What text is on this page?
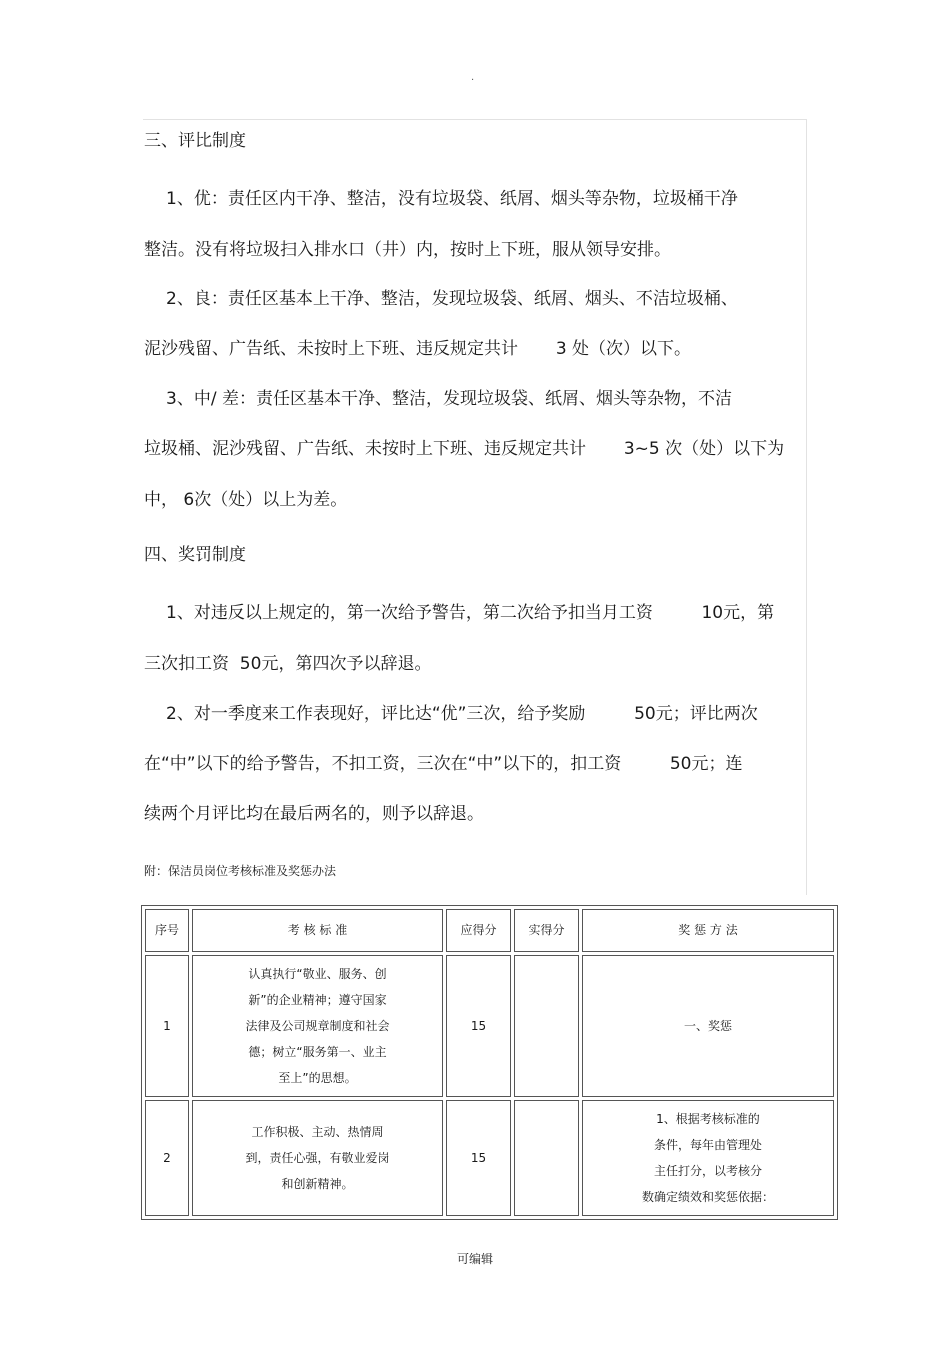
.
三、评比制度
1、优：责任区内干净、整洁，没有垃圾袋、纸屑、烟头等杂物，垃圾桶干净
整洁。没有将垃圾扫入排水口（井）内，按时上下班，服从领导安排。
2、良：责任区基本上干净、整洁，发现垃圾袋、纸屑、烟头、不洁垃圾桶、
泥沙残留、广告纸、未按时上下班、违反规定共计       3 处（次）以下。
3、中/ 差：责任区基本干净、整洁，发现垃圾袋、纸屑、烟头等杂物，不洁
垃圾桶、泥沙残留、广告纸、未按时上下班、违反规定共计       3~5 次（处）以下为
中， 6次（处）以上为差。
四、奖罚制度
1、对违反以上规定的，第一次给予警告，第二次给予扣当月工资         10元，第
三次扣工资  50元，第四次予以辞退。
2、对一季度来工作表现好，评比达“优”三次，给予奖励         50元；评比两次
在“中”以下的给予警告，不扣工资，三次在“中”以下的，扣工资         50元；连
续两个月评比均在最后两名的，则予以辞退。
附：保洁员岗位考核标准及奖惩办法
序号	考 核 标 准	应得分	实得分	奖 惩 方 法
1	认真执行“敬业、服务、创
新”的企业精神；遵守国家
法律及公司规章制度和社会
德；树立“服务第一、业主
至上”的思想。	15		一、奖惩
2	工作积极、主动、热情周
到，责任心强，有敬业爱岗
和创新精神。	15		1、根据考核标准的
条件，每年由管理处
主任打分，以考核分
数确定绩效和奖惩依据：
可编辑
